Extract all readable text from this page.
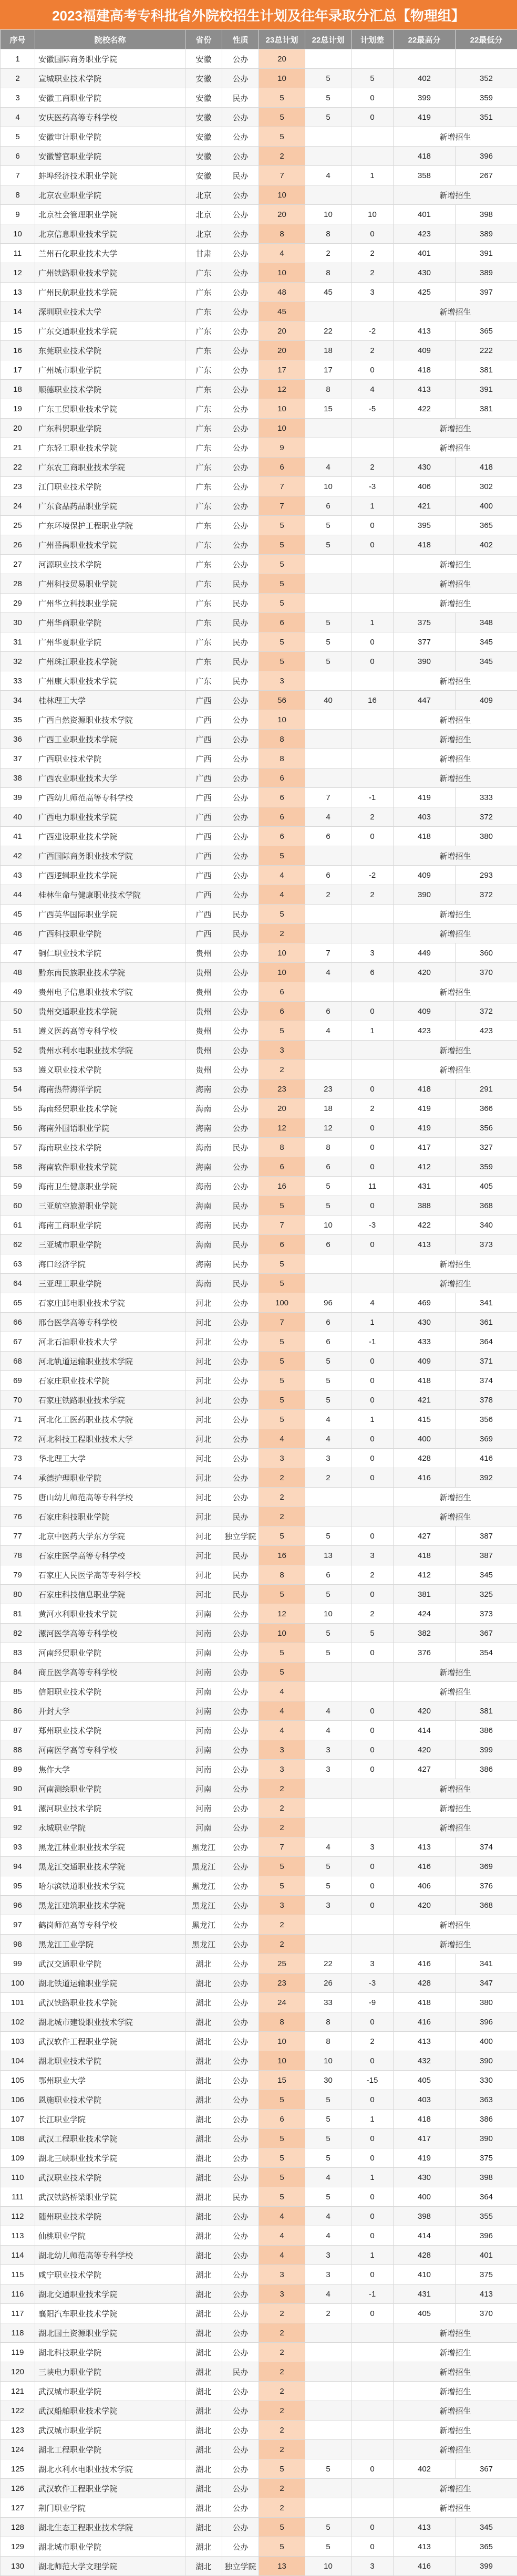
2023福建高考专科批省外院校招生计划及往年录取分汇总【物理组】
序号	院校名称	省份	性质	23总计划	22总计划	计划差	22最高分	22最低分
1	安徽国际商务职业学院	安徽	公办	20				
2	宣城职业技术学院	安徽	公办	10	5	5	402	352
3	安徽工商职业学院	安徽	民办	5	5	0	399	359
4	安庆医药高等专科学校	安徽	公办	5	5	0	419	351
5	安徽审计职业学院	安徽	公办	5			新增招生	
6	安徽警官职业学院	安徽	公办	2			418	396
7	蚌埠经济技术职业学院	安徽	民办	7	4	1	358	267
8	北京农业职业学院	北京	公办	10			新增招生	
9	北京社会管理职业学院	北京	公办	20	10	10	401	398
10	北京信息职业技术学院	北京	公办	8	8	0	423	389
11	兰州石化职业技术大学	甘肃	公办	4	2	2	401	391
12	广州铁路职业技术学院	广东	公办	10	8	2	430	389
13	广州民航职业技术学院	广东	公办	48	45	3	425	397
14	深圳职业技术大学	广东	公办	45			新增招生	
15	广东交通职业技术学院	广东	公办	20	22	-2	413	365
16	东莞职业技术学院	广东	公办	20	18	2	409	222
17	广州城市职业学院	广东	公办	17	17	0	418	381
18	顺德职业技术学院	广东	公办	12	8	4	413	391
19	广东工贸职业技术学院	广东	公办	10	15	-5	422	381
20	广东科贸职业学院	广东	公办	10			新增招生	
21	广东轻工职业技术学院	广东	公办	9			新增招生	
22	广东农工商职业技术学院	广东	公办	6	4	2	430	418
23	江门职业技术学院	广东	公办	7	10	-3	406	302
24	广东食品药品职业学院	广东	公办	7	6	1	421	400
25	广东环境保护工程职业学院	广东	公办	5	5	0	395	365
26	广州番禺职业技术学院	广东	公办	5	5	0	418	402
27	河源职业技术学院	广东	公办	5			新增招生	
28	广州科技贸易职业学院	广东	民办	5			新增招生	
29	广州华立科技职业学院	广东	民办	5			新增招生	
30	广州华商职业学院	广东	民办	6	5	1	375	348
31	广州华夏职业学院	广东	民办	5	5	0	377	345
32	广州珠江职业技术学院	广东	民办	5	5	0	390	345
33	广州康大职业技术学院	广东	民办	3			新增招生	
34	桂林理工大学	广西	公办	56	40	16	447	409
35	广西自然资源职业技术学院	广西	公办	10			新增招生	
36	广西工业职业技术学院	广西	公办	8			新增招生	
37	广西职业技术学院	广西	公办	8			新增招生	
38	广西农业职业技术大学	广西	公办	6			新增招生	
39	广西幼儿师范高等专科学校	广西	公办	6	7	-1	419	333
40	广西电力职业技术学院	广西	公办	6	4	2	403	372
41	广西建设职业技术学院	广西	公办	6	6	0	418	380
42	广西国际商务职业技术学院	广西	公办	5			新增招生	
43	广西逻辑职业技术学院	广西	公办	4	6	-2	409	293
44	桂林生命与健康职业技术学院	广西	公办	4	2	2	390	372
45	广西英华国际职业学院	广西	民办	5			新增招生	
46	广西科技职业学院	广西	民办	2			新增招生	
47	铜仁职业技术学院	贵州	公办	10	7	3	449	360
48	黔东南民族职业技术学院	贵州	公办	10	4	6	420	370
49	贵州电子信息职业技术学院	贵州	公办	6			新增招生	
50	贵州交通职业技术学院	贵州	公办	6	6	0	409	372
51	遵义医药高等专科学校	贵州	公办	5	4	1	423	423
52	贵州水利水电职业技术学院	贵州	公办	3			新增招生	
53	遵义职业技术学院	贵州	公办	2			新增招生	
54	海南热带海洋学院	海南	公办	23	23	0	418	291
55	海南经贸职业技术学院	海南	公办	20	18	2	419	366
56	海南外国语职业学院	海南	公办	12	12	0	419	356
57	海南职业技术学院	海南	民办	8	8	0	417	327
58	海南软件职业技术学院	海南	公办	6	6	0	412	359
59	海南卫生健康职业学院	海南	公办	16	5	11	431	405
60	三亚航空旅游职业学院	海南	民办	5	5	0	388	368
61	海南工商职业学院	海南	民办	7	10	-3	422	340
62	三亚城市职业学院	海南	民办	6	6	0	413	373
63	海口经济学院	海南	民办	5			新增招生	
64	三亚理工职业学院	海南	民办	5			新增招生	
65	石家庄邮电职业技术学院	河北	公办	100	96	4	469	341
66	邢台医学高等专科学校	河北	公办	7	6	1	430	361
67	河北石油职业技术大学	河北	公办	5	6	-1	433	364
68	河北轨道运输职业技术学院	河北	公办	5	5	0	409	371
69	石家庄职业技术学院	河北	公办	5	5	0	418	374
70	石家庄铁路职业技术学院	河北	公办	5	5	0	421	378
71	河北化工医药职业技术学院	河北	公办	5	4	1	415	356
72	河北科技工程职业技术大学	河北	公办	4	4	0	400	369
73	华北理工大学	河北	公办	3	3	0	428	416
74	承德护理职业学院	河北	公办	2	2	0	416	392
75	唐山幼儿师范高等专科学校	河北	公办	2			新增招生	
76	石家庄科技职业学院	河北	民办	2			新增招生	
77	北京中医药大学东方学院	河北	独立学院	5	5	0	427	387
78	石家庄医学高等专科学校	河北	民办	16	13	3	418	387
79	石家庄人民医学高等专科学校	河北	民办	8	6	2	412	345
80	石家庄科技信息职业学院	河北	民办	5	5	0	381	325
81	黄河水利职业技术学院	河南	公办	12	10	2	424	373
82	漯河医学高等专科学校	河南	公办	10	5	5	382	367
83	河南经贸职业学院	河南	公办	5	5	0	376	354
84	商丘医学高等专科学校	河南	公办	5			新增招生	
85	信阳职业技术学院	河南	公办	4			新增招生	
86	开封大学	河南	公办	4	4	0	420	381
87	郑州职业技术学院	河南	公办	4	4	0	414	386
88	河南医学高等专科学校	河南	公办	3	3	0	420	399
89	焦作大学	河南	公办	3	3	0	427	386
90	河南测绘职业学院	河南	公办	2			新增招生	
91	漯河职业技术学院	河南	公办	2			新增招生	
92	永城职业学院	河南	公办	2			新增招生	
93	黑龙江林业职业技术学院	黑龙江	公办	7	4	3	413	374
94	黑龙江交通职业技术学院	黑龙江	公办	5	5	0	416	369
95	哈尔滨铁道职业技术学院	黑龙江	公办	5	5	0	406	376
96	黑龙江建筑职业技术学院	黑龙江	公办	3	3	0	420	368
97	鹤岗师范高等专科学校	黑龙江	公办	2			新增招生	
98	黑龙江工业学院	黑龙江	公办	2			新增招生	
99	武汉交通职业学院	湖北	公办	25	22	3	416	341
100	湖北铁道运输职业学院	湖北	公办	23	26	-3	428	347
101	武汉铁路职业技术学院	湖北	公办	24	33	-9	418	380
102	湖北城市建设职业技术学院	湖北	公办	8	8	0	416	396
103	武汉软件工程职业学院	湖北	公办	10	8	2	413	400
104	湖北职业技术学院	湖北	公办	10	10	0	432	390
105	鄂州职业大学	湖北	公办	15	30	-15	405	330
106	恩施职业技术学院	湖北	公办	5	5	0	403	363
107	长江职业学院	湖北	公办	6	5	1	418	386
108	武汉工程职业技术学院	湖北	公办	5	5	0	417	390
109	湖北三峡职业技术学院	湖北	公办	5	5	0	419	375
110	武汉职业技术学院	湖北	公办	5	4	1	430	398
111	武汉铁路桥梁职业学院	湖北	民办	5	5	0	400	364
112	随州职业技术学院	湖北	公办	4	4	0	398	355
113	仙桃职业学院	湖北	公办	4	4	0	414	396
114	湖北幼儿师范高等专科学校	湖北	公办	4	3	1	428	401
115	咸宁职业技术学院	湖北	公办	3	3	0	410	375
116	湖北交通职业技术学院	湖北	公办	3	4	-1	431	413
117	襄阳汽车职业技术学院	湖北	公办	2	2	0	405	370
118	湖北国土资源职业学院	湖北	公办	2			新增招生	
119	湖北科技职业学院	湖北	公办	2			新增招生	
120	三峡电力职业学院	湖北	民办	2			新增招生	
121	武汉城市职业学院	湖北	公办	2			新增招生	
122	武汉船舶职业技术学院	湖北	公办	2			新增招生	
123	武汉城市职业学院	湖北	公办	2			新增招生	
124	湖北工程职业学院	湖北	公办	2			新增招生	
125	湖北水利水电职业技术学院	湖北	公办	5	5	0	402	367
126	武汉软件工程职业学院	湖北	公办	2			新增招生	
127	荆门职业学院	湖北	公办	2			新增招生	
128	湖北生态工程职业技术学院	湖北	公办	5	5	0	413	345
129	湖北城市职业学院	湖北	公办	5	5	0	413	365
130	湖北师范大学文理学院	湖北	独立学院	13	10	3	416	399
